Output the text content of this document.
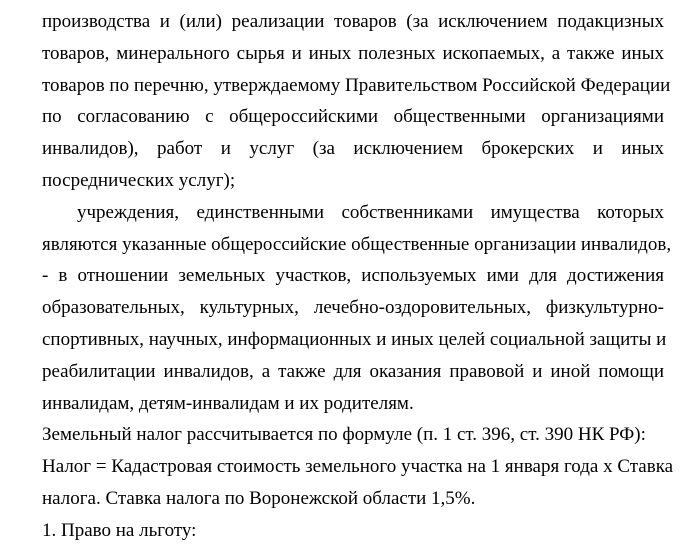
производства и (или) реализации товаров (за исключением подакцизных
товаров, минерального сырья и иных полезных ископаемых, а также иных
товаров по перечню, утверждаемому Правительством Российской Федерации
по согласованию с общероссийскими общественными организациями
инвалидов), работ и услуг (за исключением брокерских и иных
посреднических услуг);
учреждения, единственными собственниками имущества которых
являются указанные общероссийские общественные организации инвалидов,
- в отношении земельных участков, используемых ими для достижения
образовательных, культурных, лечебно-оздоровительных, физкультурно-
спортивных, научных, информационных и иных целей социальной защиты и
реабилитации инвалидов, а также для оказания правовой и иной помощи
инвалидам, детям-инвалидам и их родителям.
Земельный налог рассчитывается по формуле (п. 1 ст. 396, ст. 390 НК РФ):
Налог = Кадастровая стоимость земельного участка на 1 января года х Ставка
налога. Ставка налога по Воронежской области 1,5%.
1. Право на льготу:
